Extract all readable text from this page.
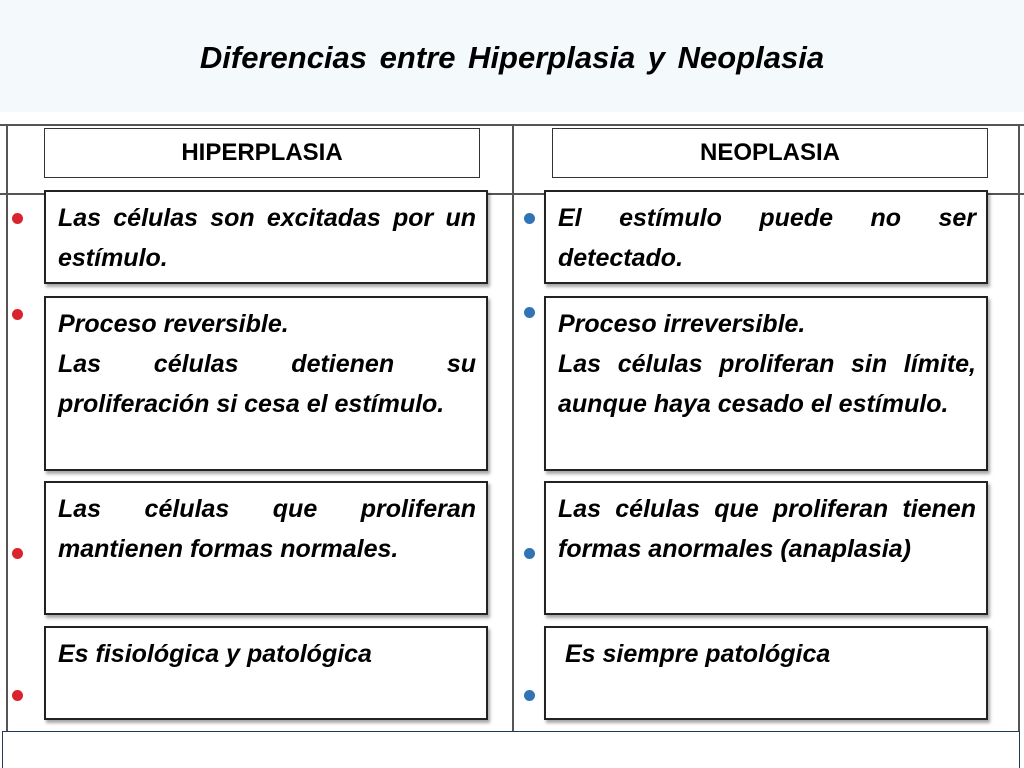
Diferencias entre Hiperplasia y Neoplasia
HIPERPLASIA	NEOPLASIA

Las células son excitadas por un estímulo.

El estímulo puede no ser detectado.

Proceso reversible.

Las células detienen su proliferación si cesa el estímulo.

Proceso irreversible.

Las células proliferan sin límite, aunque haya cesado el estímulo.

Las células que proliferan mantienen formas normales.

Las células que proliferan tienen formas anormales (anaplasia)

Es fisiológica y patológica	Es siempre patológica
